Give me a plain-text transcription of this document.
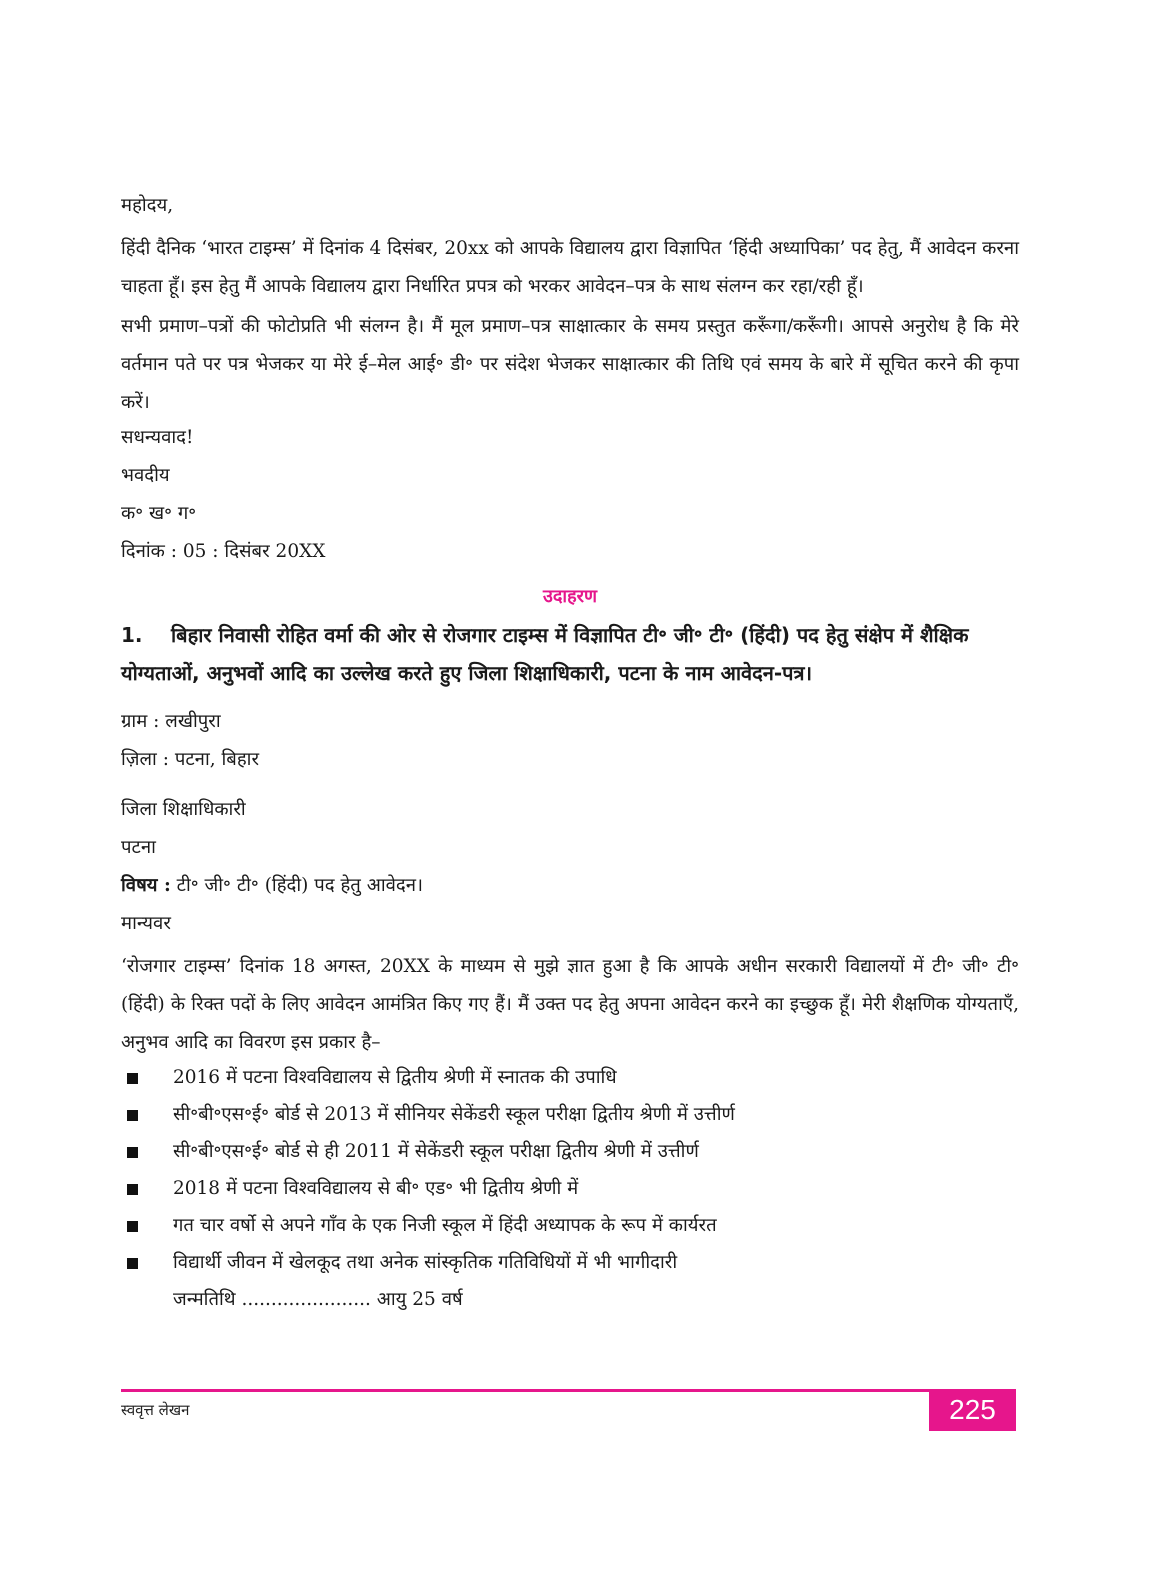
महोदय,

हिंदी दैनिक ‘भारत टाइम्स’ में दिनांक 4 दिसंबर, 20xx को आपके विद्यालय द्वारा विज्ञापित ‘हिंदी अध्यापिका’ पद हेतु, मैं आवेदन करना चाहता हूँ। इस हेतु मैं आपके विद्यालय द्वारा निर्धारित प्रपत्र को भरकर आवेदन–पत्र के साथ संलग्न कर रहा/रही हूँ।

सभी प्रमाण–पत्रों की फोटोप्रति भी संलग्न है। मैं मूल प्रमाण–पत्र साक्षात्कार के समय प्रस्तुत करूँगा/करूँगी। आपसे अनुरोध है कि मेरे वर्तमान पते पर पत्र भेजकर या मेरे ई–मेल आई॰ डी॰ पर संदेश भेजकर साक्षात्कार की तिथि एवं समय के बारे में सूचित करने की कृपा करें।

सधन्यवाद!

भवदीय

क॰ ख॰ ग॰

दिनांक : 05 : दिसंबर 20XX

उदाहरण

1. बिहार निवासी रोहित वर्मा की ओर से रोजगार टाइम्स में विज्ञापित टी॰ जी॰ टी॰ (हिंदी) पद हेतु संक्षेप में शैक्षिक योग्यताओं, अनुभवों आदि का उल्लेख करते हुए जिला शिक्षाधिकारी, पटना के नाम आवेदन-पत्र।

ग्राम : लखीपुरा

ज़िला : पटना, बिहार

जिला शिक्षाधिकारी

पटना

विषय : टी॰ जी॰ टी॰ (हिंदी) पद हेतु आवेदन।

मान्यवर

‘रोजगार टाइम्स’ दिनांक 18 अगस्त, 20XX के माध्यम से मुझे ज्ञात हुआ है कि आपके अधीन सरकारी विद्यालयों में टी॰ जी॰ टी॰ (हिंदी) के रिक्त पदों के लिए आवेदन आमंत्रित किए गए हैं। मैं उक्त पद हेतु अपना आवेदन करने का इच्छुक हूँ। मेरी शैक्षणिक योग्यताएँ, अनुभव आदि का विवरण इस प्रकार है–

2016 में पटना विश्वविद्यालय से द्वितीय श्रेणी में स्नातक की उपाधि
सी॰बी॰एस॰ई॰ बोर्ड से 2013 में सीनियर सेकेंडरी स्कूल परीक्षा द्वितीय श्रेणी में उत्तीर्ण
सी॰बी॰एस॰ई॰ बोर्ड से ही 2011 में सेकेंडरी स्कूल परीक्षा द्वितीय श्रेणी में उत्तीर्ण
2018 में पटना विश्वविद्यालय से बी॰ एड॰ भी द्वितीय श्रेणी में
गत चार वर्षो से अपने गाँव के एक निजी स्कूल में हिंदी अध्यापक के रूप में कार्यरत
विद्यार्थी जीवन में खेलकूद तथा अनेक सांस्कृतिक गतिविधियों में भी भागीदारी
जन्मतिथि ...................... आयु 25 वर्ष
स्ववृत्त लेखन	225
